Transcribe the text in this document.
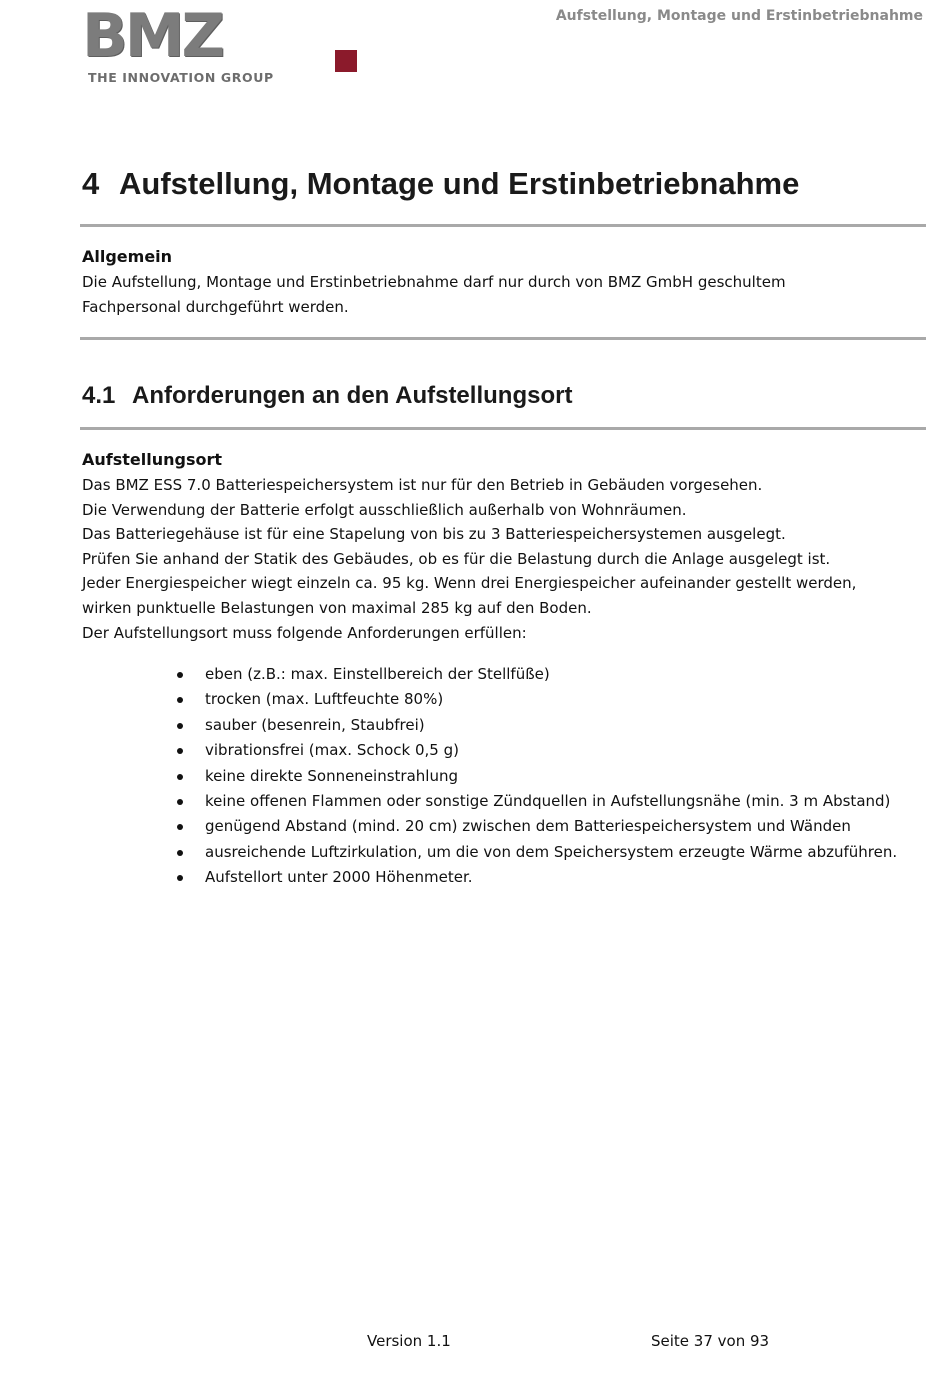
BMZ
THE INNOVATION GROUP
Aufstellung, Montage und Erstinbetriebnahme
4 Aufstellung, Montage und Erstinbetriebnahme
Allgemein

Die Aufstellung, Montage und Erstinbetriebnahme darf nur durch von BMZ GmbH geschultem Fachpersonal durchgeführt werden.

4.1 Anforderungen an den Aufstellungsort
Aufstellungsort

Das BMZ ESS 7.0 Batteriespeichersystem ist nur für den Betrieb in Gebäuden vorgesehen.

Die Verwendung der Batterie erfolgt ausschließlich außerhalb von Wohnräumen.

Das Batteriegehäuse ist für eine Stapelung von bis zu 3 Batteriespeichersystemen ausgelegt.

Prüfen Sie anhand der Statik des Gebäudes, ob es für die Belastung durch die Anlage ausgelegt ist.

Jeder Energiespeicher wiegt einzeln ca. 95 kg. Wenn drei Energiespeicher aufeinander gestellt werden, wirken punktuelle Belastungen von maximal 285 kg auf den Boden.

Der Aufstellungsort muss folgende Anforderungen erfüllen:

eben (z.B.: max. Einstellbereich der Stellfüße)
trocken (max. Luftfeuchte 80%)
sauber (besenrein, Staubfrei)
vibrationsfrei (max. Schock 0,5 g)
keine direkte Sonneneinstrahlung
keine offenen Flammen oder sonstige Zündquellen in Aufstellungsnähe (min. 3 m Abstand)
genügend Abstand (mind. 20 cm) zwischen dem Batteriespeichersystem und Wänden
ausreichende Luftzirkulation, um die von dem Speichersystem erzeugte Wärme abzuführen.
Aufstellort unter 2000 Höhenmeter.
Version 1.1	Seite 37 von 93
